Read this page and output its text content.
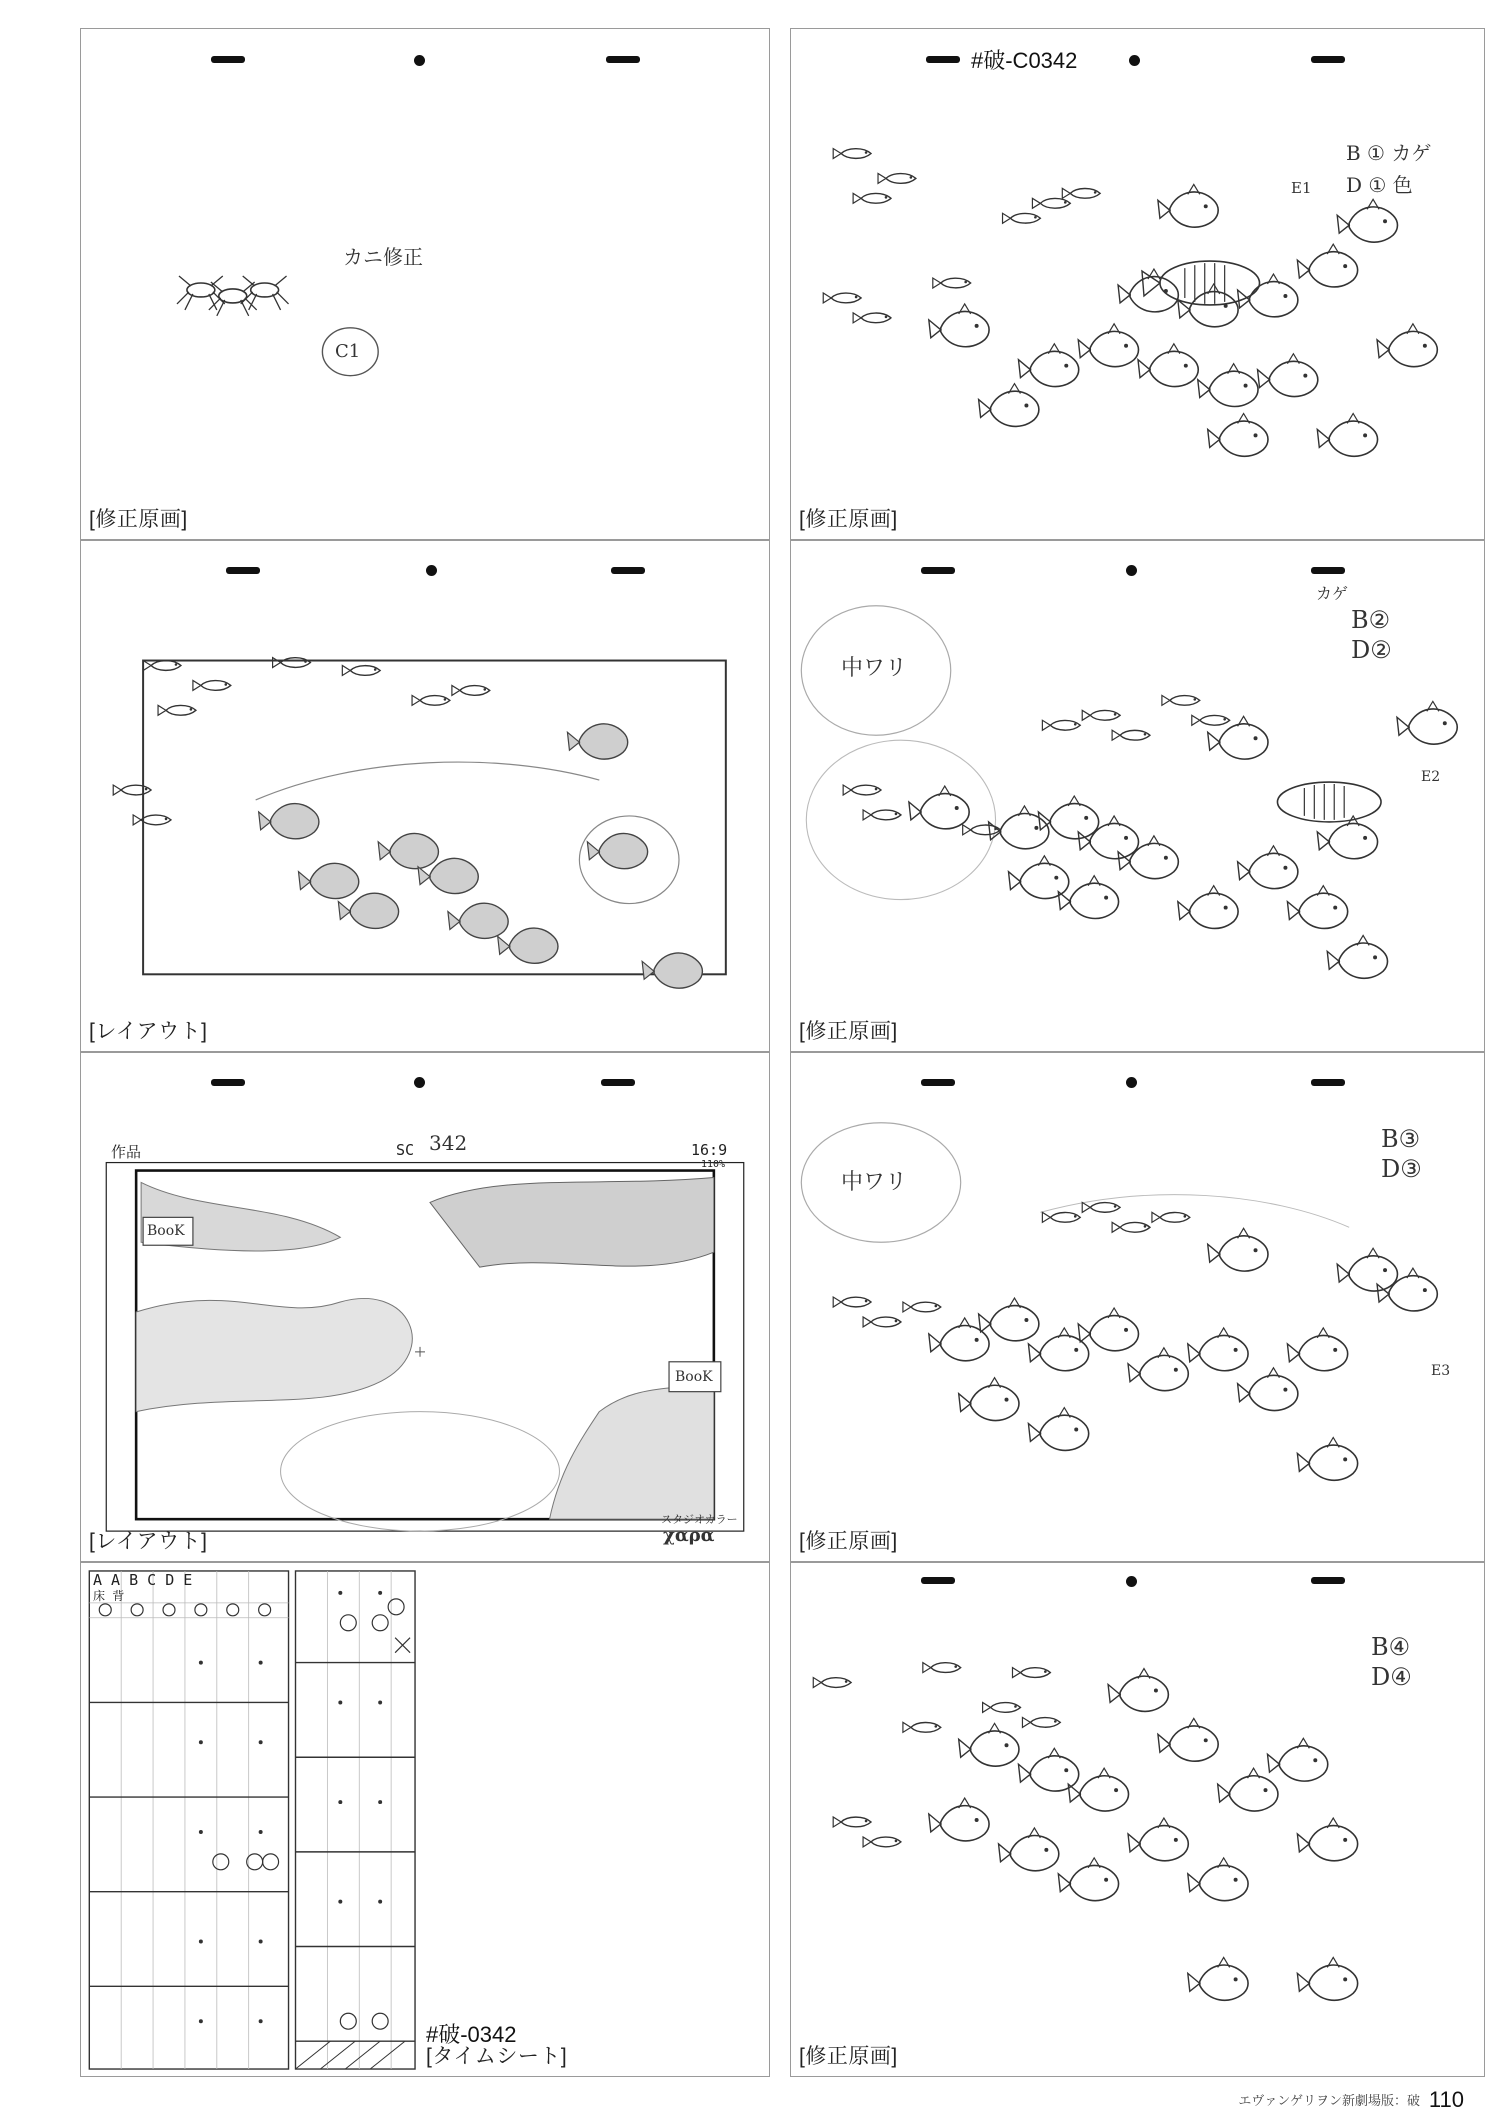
カニ修正
C1
[修正原画]
#破-C0342
B ① カゲ
D ① 色
E1
[修正原画]
[レイアウト]
中ワリ
カゲ
B②
D②
E2
[修正原画]
作品	SC 342	16:9
110%
BooK
BooK
スタジオカラー
χαρα
[レイアウト]
中ワリ
B③
D③
E3
[修正原画]
A A B C D E
床 背
#破-0342
[タイムシート]
B④
D④
[修正原画]
エヴァンゲリヲン新劇場版：破 110
